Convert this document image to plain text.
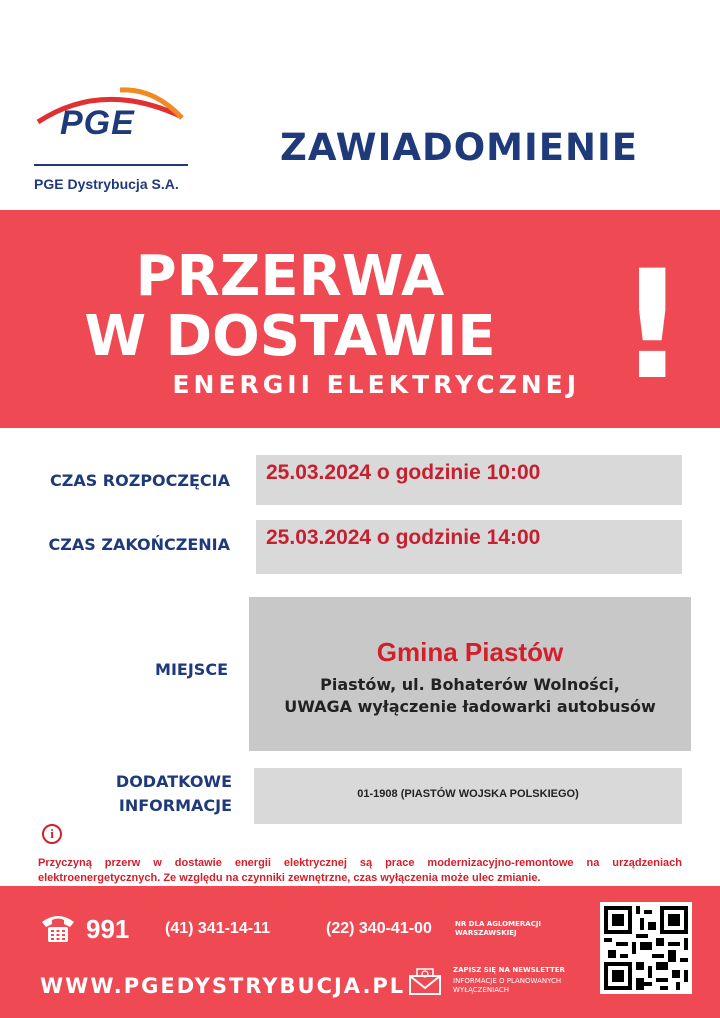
PGE
PGE Dystrybucja S.A.
ZAWIADOMIENIE
PRZERWA
W DOSTAWIE
ENERGII ELEKTRYCZNEJ !
CZAS ROZPOCZĘCIA
CZAS ZAKOŃCZENIA
MIEJSCE
DODATKOWE
INFORMACJE
25.03.2024 o godzinie 10:00
25.03.2024 o godzinie 14:00
Gmina Piastów
Piastów, ul. Bohaterów Wolności,
UWAGA wyłączenie ładowarki autobusów
01-1908 (PIASTÓW WOJSKA POLSKIEGO)
i
Przyczyną przerw w dostawie energii elektrycznej są prace modernizacyjno-remontowe na urządzeniach elektroenergetycznych. Ze względu na czynniki zewnętrzne, czas wyłączenia może ulec zmianie.
991 (41) 341-14-11	(22) 340-41-00	NR DLA AGLOMERACJI
WARSZAWSKIEJ
WWW.PGEDYSTRYBUCJA.PL
ZAPISZ SIĘ NA NEWSLETTER
INFORMACJE O PLANOWANYCH
WYŁĄCZENIACH
